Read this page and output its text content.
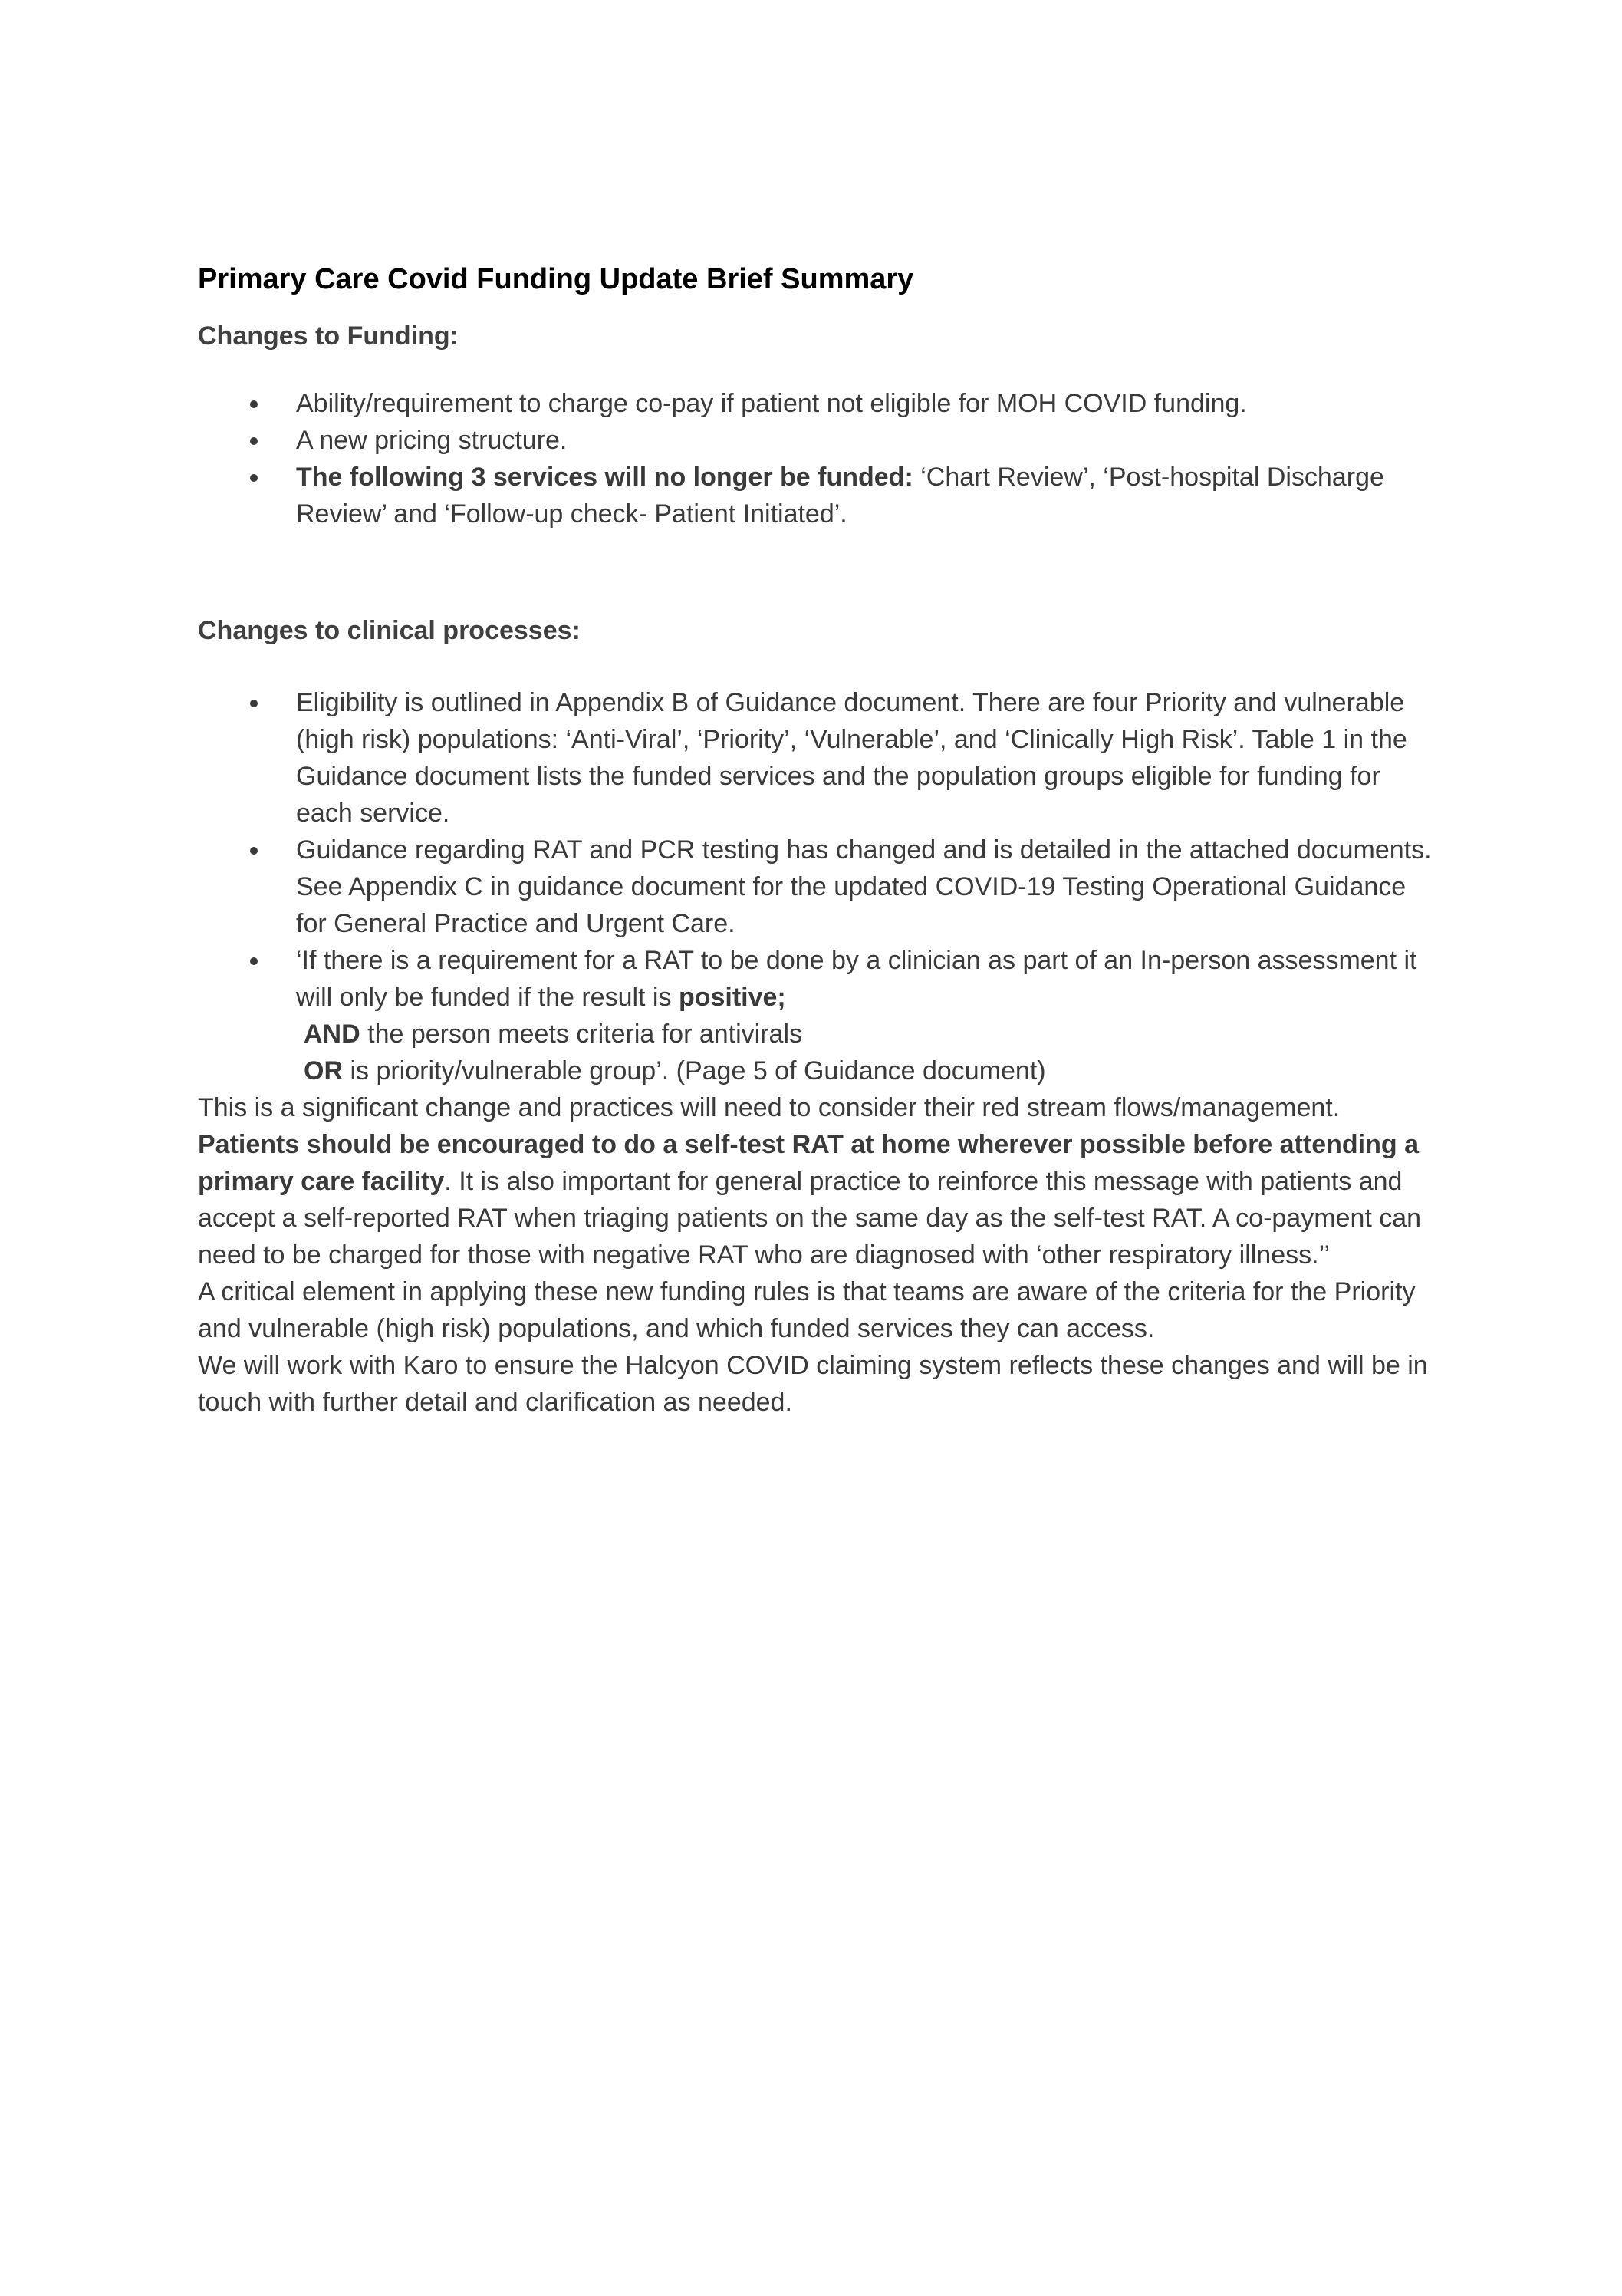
Primary Care Covid Funding Update Brief Summary
Changes to Funding:
Ability/requirement to charge co-pay if patient not eligible for MOH COVID funding.
A new pricing structure.
The following 3 services will no longer be funded: ‘Chart Review’, ‘Post-hospital Discharge Review’ and ‘Follow-up check- Patient Initiated’.
Changes to clinical processes:
Eligibility is outlined in Appendix B of Guidance document. There are four Priority and vulnerable (high risk) populations: ‘Anti-Viral’, ‘Priority’, ‘Vulnerable’, and ‘Clinically High Risk’. Table 1 in the Guidance document lists the funded services and the population groups eligible for funding for each service.
Guidance regarding RAT and PCR testing has changed and is detailed in the attached documents. See Appendix C in guidance document for the updated COVID-19 Testing Operational Guidance for General Practice and Urgent Care.
‘If there is a requirement for a RAT to be done by a clinician as part of an In-person assessment it will only be funded if the result is positive;
AND the person meets criteria for antivirals
OR is priority/vulnerable group’. (Page 5 of Guidance document)

This is a significant change and practices will need to consider their red stream flows/management.

Patients should be encouraged to do a self-test RAT at home wherever possible before attending a primary care facility. It is also important for general practice to reinforce this message with patients and accept a self-reported RAT when triaging patients on the same day as the self-test RAT. A co-payment can need to be charged for those with negative RAT who are diagnosed with ‘other respiratory illness.’’

A critical element in applying these new funding rules is that teams are aware of the criteria for the Priority and vulnerable (high risk) populations, and which funded services they can access.

We will work with Karo to ensure the Halcyon COVID claiming system reflects these changes and will be in touch with further detail and clarification as needed.
